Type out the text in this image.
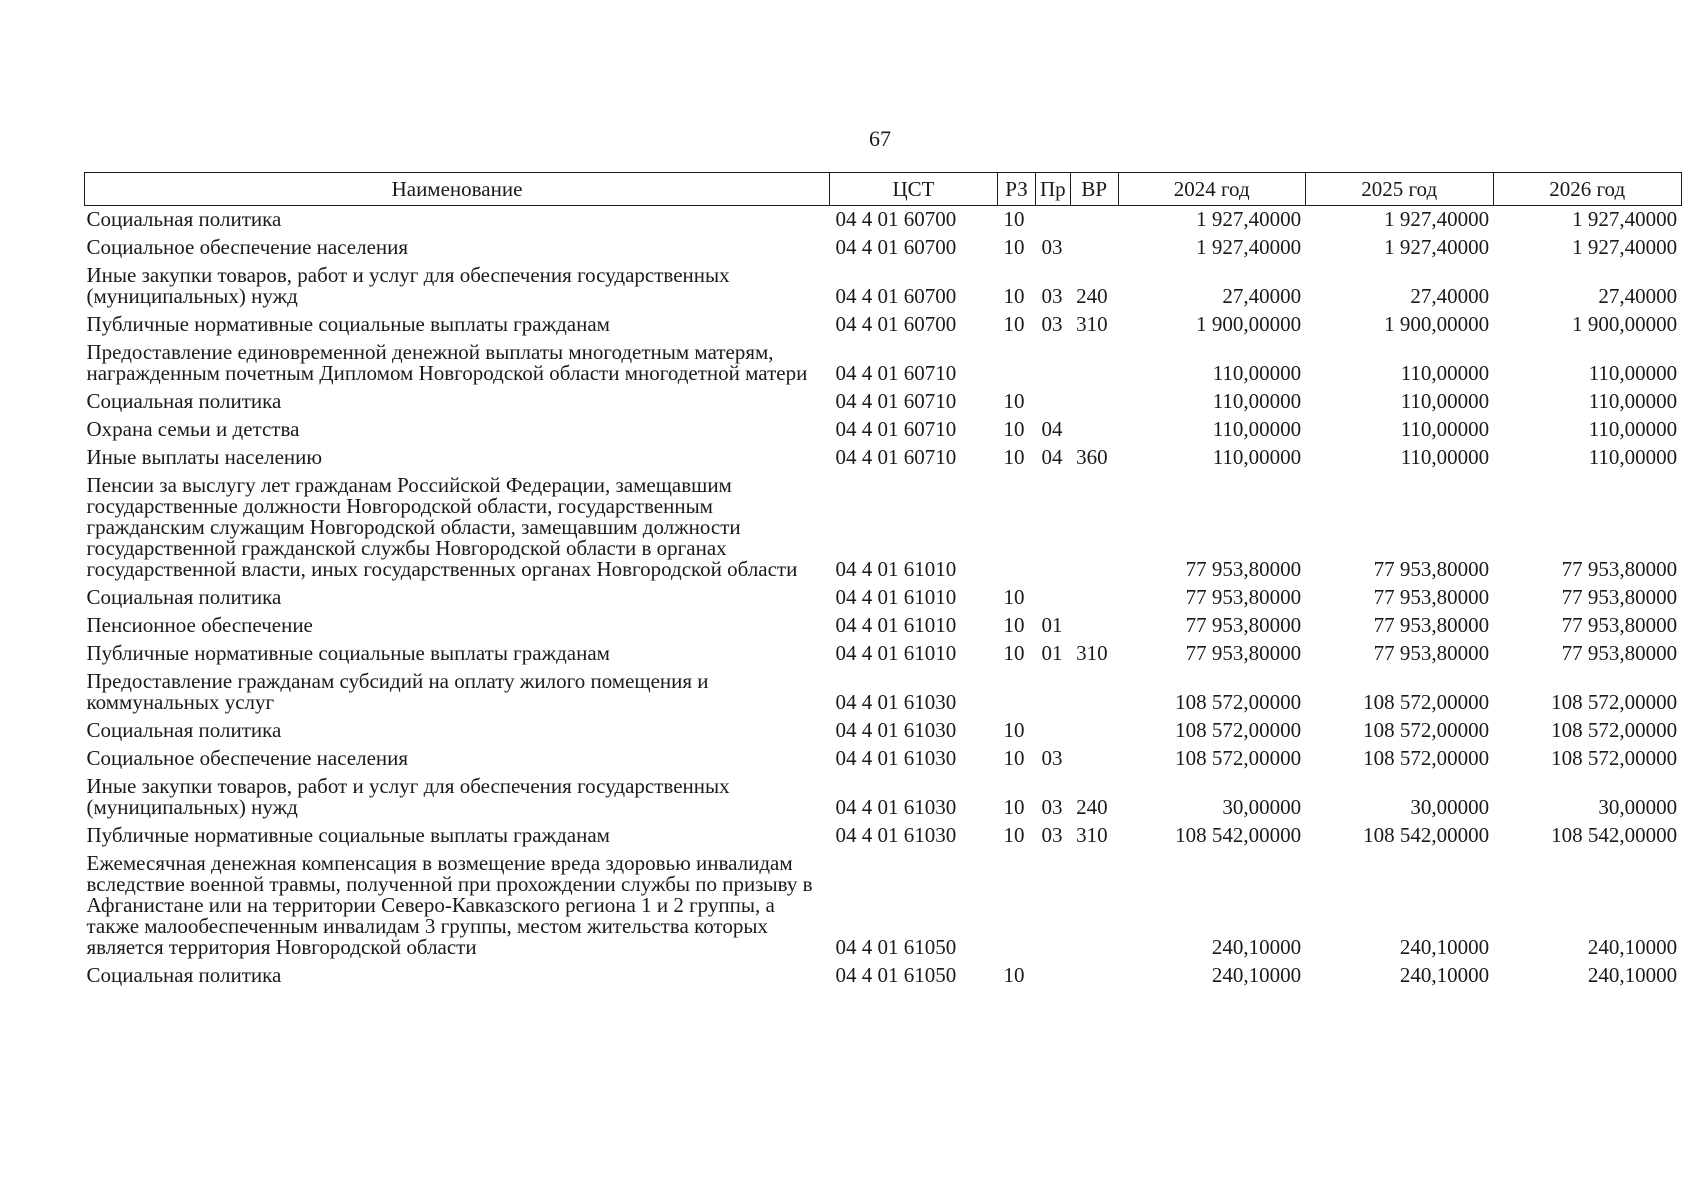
67
Наименование	ЦСТ	РЗ	Пр	ВР	2024 год	2025 год	2026 год
Социальная политика	04 4 01 60700	10			1 927,40000	1 927,40000	1 927,40000
Социальное обеспечение населения	04 4 01 60700	10	03		1 927,40000	1 927,40000	1 927,40000
Иные закупки товаров, работ и услуг для обеспечения государственных (муниципальных) нужд	04 4 01 60700	10	03	240	27,40000	27,40000	27,40000
Публичные нормативные социальные выплаты гражданам	04 4 01 60700	10	03	310	1 900,00000	1 900,00000	1 900,00000
Предоставление единовременной денежной выплаты многодетным матерям, награжденным почетным Дипломом Новгородской области многодетной матери	04 4 01 60710				110,00000	110,00000	110,00000
Социальная политика	04 4 01 60710	10			110,00000	110,00000	110,00000
Охрана семьи и детства	04 4 01 60710	10	04		110,00000	110,00000	110,00000
Иные выплаты населению	04 4 01 60710	10	04	360	110,00000	110,00000	110,00000
Пенсии за выслугу лет гражданам Российской Федерации, замещавшим государственные должности Новгородской области, государственным гражданским служащим Новгородской области, замещавшим должности государственной гражданской службы Новгородской области в органах государственной власти, иных государственных органах Новгородской области	04 4 01 61010				77 953,80000	77 953,80000	77 953,80000
Социальная политика	04 4 01 61010	10			77 953,80000	77 953,80000	77 953,80000
Пенсионное обеспечение	04 4 01 61010	10	01		77 953,80000	77 953,80000	77 953,80000
Публичные нормативные социальные выплаты гражданам	04 4 01 61010	10	01	310	77 953,80000	77 953,80000	77 953,80000
Предоставление гражданам субсидий на оплату жилого помещения и коммунальных услуг	04 4 01 61030				108 572,00000	108 572,00000	108 572,00000
Социальная политика	04 4 01 61030	10			108 572,00000	108 572,00000	108 572,00000
Социальное обеспечение населения	04 4 01 61030	10	03		108 572,00000	108 572,00000	108 572,00000
Иные закупки товаров, работ и услуг для обеспечения государственных (муниципальных) нужд	04 4 01 61030	10	03	240	30,00000	30,00000	30,00000
Публичные нормативные социальные выплаты гражданам	04 4 01 61030	10	03	310	108 542,00000	108 542,00000	108 542,00000
Ежемесячная денежная компенсация в возмещение вреда здоровью инвалидам вследствие военной травмы, полученной при прохождении службы по призыву в Афганистане или на территории Северо-Кавказского региона 1 и 2 группы, а также малообеспеченным инвалидам 3 группы, местом жительства которых является территория Новгородской области	04 4 01 61050				240,10000	240,10000	240,10000
Социальная политика	04 4 01 61050	10			240,10000	240,10000	240,10000
